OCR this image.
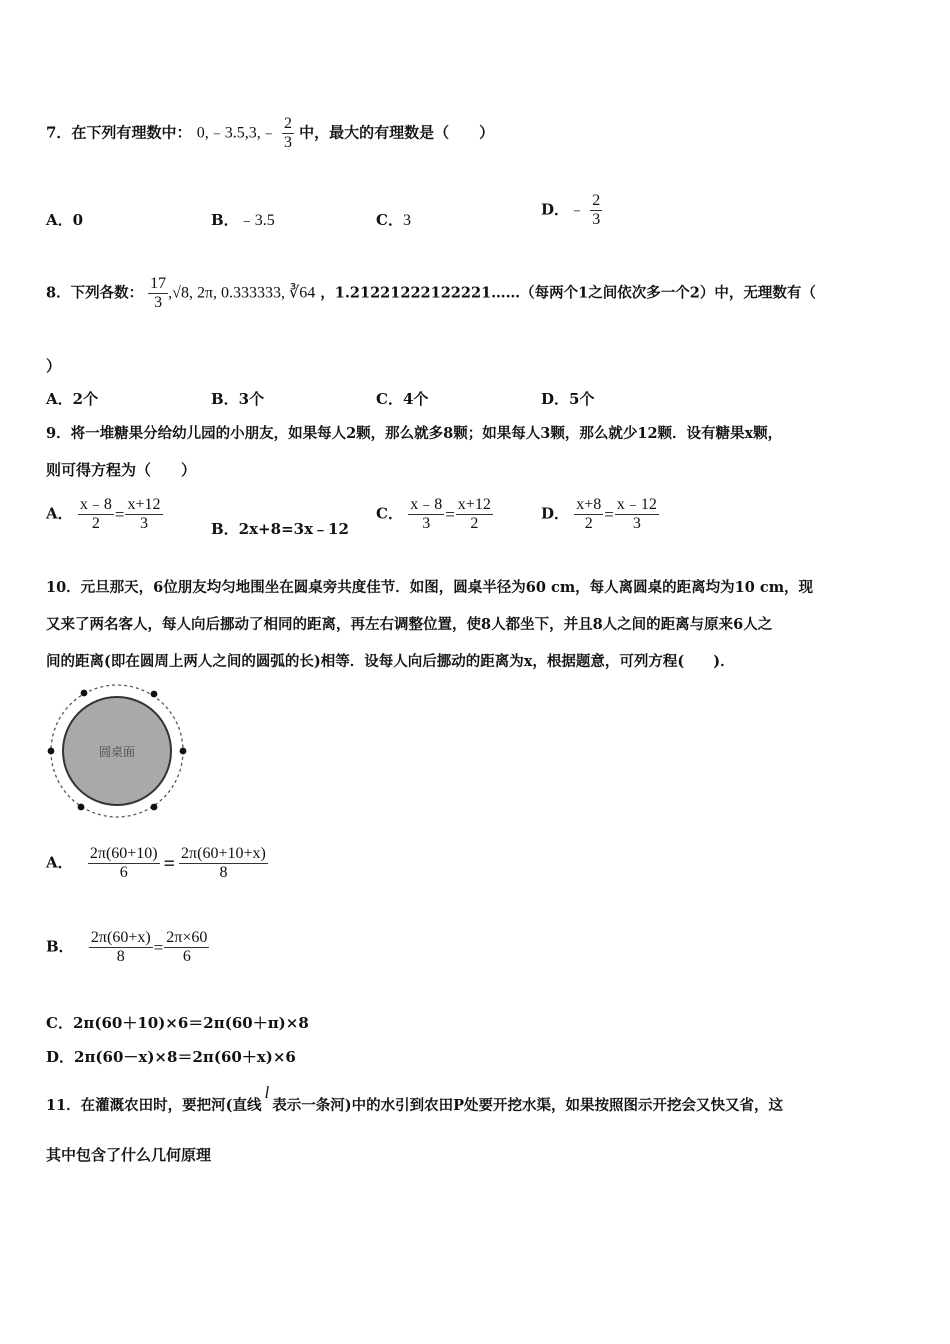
7．在下列有理数中： 0,﹣3.5,3,﹣ $\frac{2}{3}$ 中，最大的有理数是（　　）
A．0	B．﹣3.5	C．3
D．﹣ $\frac{2}{3}$
8．下列各数： $\frac{17}{3} ,√8$, 2π, 0.333333, ∛64 ，1.21221222122221……（每两个1之间依次多一个2）中，无理数有（
）
A．2个	B．3个	C．4个	D．5个
9．将一堆糖果分给幼儿园的小朋友，如果每人2颗，那么就多8颗；如果每人3颗，那么就少12颗．设有糖果x颗，
则可得方程为（　　）
A． $\frac{x﹣8}{2} = \frac{x+12}{3}$	B．2x+8=3x﹣12
C． $\frac{x﹣8}{3} = \frac{x+12}{2}$	D． $\frac{x+8}{2} = \frac{x﹣12}{3}$
10．元旦那天，6位朋友均匀地围坐在圆桌旁共度佳节．如图，圆桌半径为60 cm，每人离圆桌的距离均为10 cm，现
又来了两名客人，每人向后挪动了相同的距离，再左右调整位置，使8人都坐下，并且8人之间的距离与原来6人之
间的距离(即在圆周上两人之间的圆弧的长)相等．设每人向后挪动的距离为x，根据题意，可列方程(　　)．
圆桌面
A． $\frac{2\pi(60+10)}{6} = \frac{2\pi(60+10+x)}{8}$
B． $\frac{2\pi(60+x)}{8} = \frac{2\pi\times 60}{6}$
C．2π(60＋10)×6＝2π(60＋π)×8
D．2π(60－x)×8＝2π(60＋x)×6
11．在灌溉农田时，要把河(直线l表示一条河)中的水引到农田P处要开挖水渠，如果按照图示开挖会又快又省，这
其中包含了什么几何原理
